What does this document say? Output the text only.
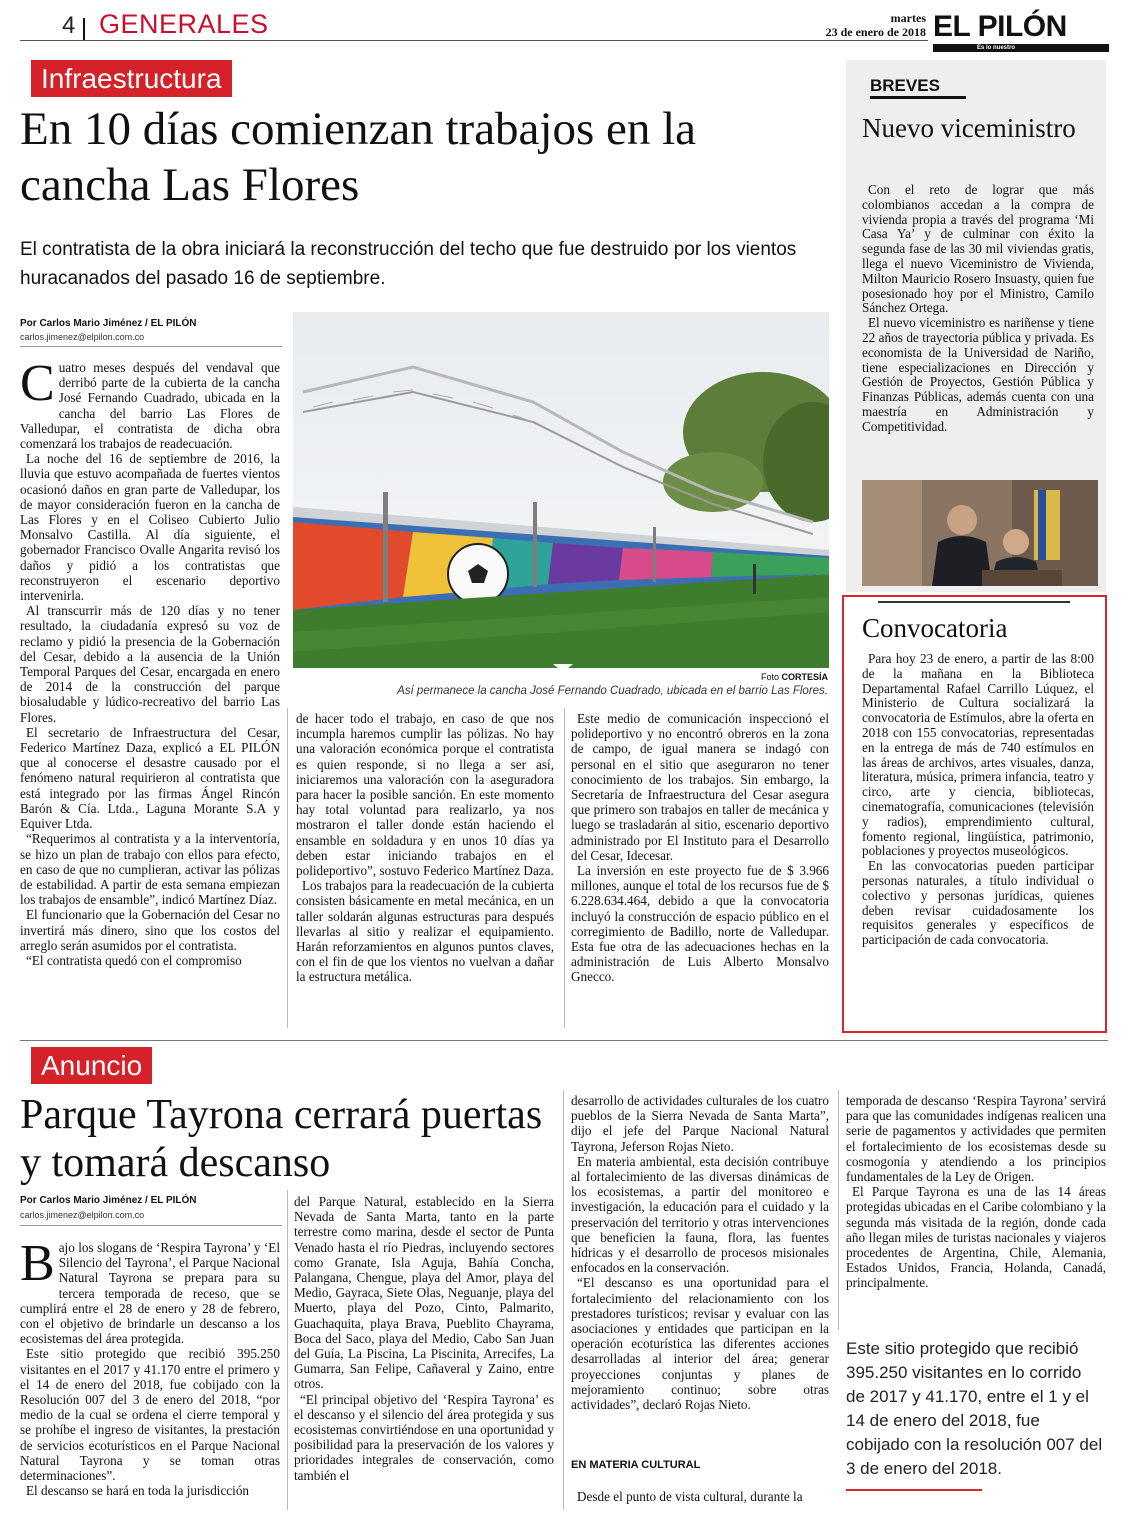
4 GENERALES	martes
23 de enero de 2018 EL PILÓN
Es lo nuestro
Infraestructura
En 10 días comienzan trabajos en la cancha Las Flores
El contratista de la obra iniciará la reconstrucción del techo que fue destruido por los vientos huracanados del pasado 16 de septiembre.
Por Carlos Mario Jiménez / EL PILÓN
carlos.jimenez@elpilon.com.co
C uatro meses después del vendaval que derribó parte de la cubierta de la cancha José Fernando Cuadrado, ubicada en la cancha del barrio Las Flores de Valledupar, el contratista de dicha obra comenzará los trabajos de readecuación.

La noche del 16 de septiembre de 2016, la lluvia que estuvo acompañada de fuertes vientos ocasionó daños en gran parte de Valledupar, los de mayor consideración fueron en la cancha de Las Flores y en el Coliseo Cubierto Julio Monsalvo Castilla. Al día siguiente, el gobernador Francisco Ovalle Angarita revisó los daños y pidió a los contratistas que reconstruyeron el escenario deportivo intervenirla.

Al transcurrir más de 120 días y no tener resultado, la ciudadanía expresó su voz de reclamo y pidió la presencia de la Gobernación del Cesar, debido a la ausencia de la Unión Temporal Parques del Cesar, encargada en enero de 2014 de la construcción del parque biosaludable y lúdico-recreativo del barrio Las Flores.

El secretario de Infraestructura del Cesar, Federico Martínez Daza, explicó a EL PILÓN que al conocerse el desastre causado por el fenómeno natural requirieron al contratista que está integrado por las firmas Ángel Rincón Barón & Cía. Ltda., Laguna Morante S.A y Equiver Ltda.

“Requerimos al contratista y a la interventoría, se hizo un plan de trabajo con ellos para efecto, en caso de que no cumplieran, activar las pólizas de estabilidad. A partir de esta semana empiezan los trabajos de ensamble”, indicó Martínez Díaz.

El funcionario que la Gobernación del Cesar no invertirá más dinero, sino que los costos del arreglo serán asumidos por el contratista.

“El contratista quedó con el compromiso

Foto CORTESÍA
Así permanece la cancha José Fernando Cuadrado, ubicada en el barrio Las Flores.

de hacer todo el trabajo, en caso de que nos incumpla haremos cumplir las pólizas. No hay una valoración económica porque el contratista es quien responde, si no llega a ser así, iniciaremos una valoración con la aseguradora para hacer la posible sanción. En este momento hay total voluntad para realizarlo, ya nos mostraron el taller donde están haciendo el ensamble en soldadura y en unos 10 días ya deben estar iniciando trabajos en el polideportivo”, sostuvo Federico Martínez Daza.

Los trabajos para la readecuación de la cubierta consisten básicamente en metal mecánica, en un taller soldarán algunas estructuras para después llevarlas al sitio y realizar el equipamiento. Harán reforzamientos en algunos puntos claves, con el fin de que los vientos no vuelvan a dañar la estructura metálica.

Este medio de comunicación inspeccionó el polideportivo y no encontró obreros en la zona de campo, de igual manera se indagó con personal en el sitio que aseguraron no tener conocimiento de los trabajos. Sin embargo, la Secretaría de Infraestructura del Cesar asegura que primero son trabajos en taller de mecánica y luego se trasladarán al sitio, escenario deportivo administrado por El Instituto para el Desarrollo del Cesar, Idecesar.

La inversión en este proyecto fue de $ 3.966 millones, aunque el total de los recursos fue de $ 6.228.634.464, debido a que la convocatoria incluyó la construcción de espacio público en el corregimiento de Badillo, norte de Valledupar. Esta fue otra de las adecuaciones hechas en la administración de Luis Alberto Monsalvo Gnecco.

BREVES
Nuevo viceministro

Con el reto de lograr que más colombianos accedan a la compra de vivienda propia a través del programa ‘Mi Casa Ya’ y de culminar con éxito la segunda fase de las 30 mil viviendas gratis, llega el nuevo Viceministro de Vivienda, Milton Mauricio Rosero Insuasty, quien fue posesionado hoy por el Ministro, Camilo Sánchez Ortega.

El nuevo viceministro es nariñense y tiene 22 años de trayectoria pública y privada. Es economista de la Universidad de Nariño, tiene especializaciones en Dirección y Gestión de Proyectos, Gestión Pública y Finanzas Públicas, además cuenta con una maestría en Administración y Competitividad.

Convocatoria

Para hoy 23 de enero, a partir de las 8:00 de la mañana en la Biblioteca Departamental Rafael Carrillo Lúquez, el Ministerio de Cultura socializará la convocatoria de Estímulos, abre la oferta en 2018 con 155 convocatorias, representadas en la entrega de más de 740 estímulos en las áreas de archivos, artes visuales, danza, literatura, música, primera infancia, teatro y circo, arte y ciencia, bibliotecas, cinematografía, comunicaciones (televisión y radios), emprendimiento cultural, fomento regional, lingüística, patrimonio, poblaciones y proyectos museológicos.

En las convocatorias pueden participar personas naturales, a título individual o colectivo y personas jurídicas, quienes deben revisar cuidadosamente los requisitos generales y específicos de participación de cada convocatoria.

Anuncio
Parque Tayrona cerrará puertas y tomará descanso
Por Carlos Mario Jiménez / EL PILÓN
carlos.jimenez@elpilon.com.co
B ajo los slogans de ‘Respira Tayrona’ y ‘El Silencio del Tayrona’, el Parque Nacional Natural Tayrona se prepara para su tercera temporada de receso, que se cumplirá entre el 28 de enero y 28 de febrero, con el objetivo de brindarle un descanso a los ecosistemas del área protegida.

Este sitio protegido que recibió 395.250 visitantes en el 2017 y 41.170 entre el primero y el 14 de enero del 2018, fue cobijado con la Resolución 007 del 3 de enero del 2018, “por medio de la cual se ordena el cierre temporal y se prohíbe el ingreso de visitantes, la prestación de servicios ecoturísticos en el Parque Nacional Natural Tayrona y se toman otras determinaciones”.

El descanso se hará en toda la jurisdicción

del Parque Natural, establecido en la Sierra Nevada de Santa Marta, tanto en la parte terrestre como marina, desde el sector de Punta Venado hasta el río Piedras, incluyendo sectores como Granate, Isla Aguja, Bahía Concha, Palangana, Chengue, playa del Amor, playa del Medio, Gayraca, Siete Olas, Neguanje, playa del Muerto, playa del Pozo, Cinto, Palmarito, Guachaquita, playa Brava, Pueblito Chayrama, Boca del Saco, playa del Medio, Cabo San Juan del Guía, La Piscina, La Piscinita, Arrecifes, La Gumarra, San Felipe, Cañaveral y Zaino, entre otros.

“El principal objetivo del ‘Respira Tayrona’ es el descanso y el silencio del área protegida y sus ecosistemas convirtiéndose en una oportunidad y posibilidad para la preservación de los valores y prioridades integrales de conservación, como también el

desarrollo de actividades culturales de los cuatro pueblos de la Sierra Nevada de Santa Marta”, dijo el jefe del Parque Nacional Natural Tayrona, Jeferson Rojas Nieto.

En materia ambiental, esta decisión contribuye al fortalecimiento de las diversas dinámicas de los ecosistemas, a partir del monitoreo e investigación, la educación para el cuidado y la preservación del territorio y otras intervenciones que beneficien la fauna, flora, las fuentes hídricas y el desarrollo de procesos misionales enfocados en la conservación.

“El descanso es una oportunidad para el fortalecimiento del relacionamiento con los prestadores turísticos; revisar y evaluar con las asociaciones y entidades que participan en la operación ecoturística las diferentes acciones desarrolladas al interior del área; generar proyecciones conjuntas y planes de mejoramiento continuo; sobre otras actividades”, declaró Rojas Nieto.

EN MATERIA CULTURAL

Desde el punto de vista cultural, durante la

temporada de descanso ‘Respira Tayrona’ servirá para que las comunidades indígenas realicen una serie de pagamentos y actividades que permiten el fortalecimiento de los ecosistemas desde su cosmogonía y atendiendo a los principios fundamentales de la Ley de Origen.

El Parque Tayrona es una de las 14 áreas protegidas ubicadas en el Caribe colombiano y la segunda más visitada de la región, donde cada año llegan miles de turistas nacionales y viajeros procedentes de Argentina, Chile, Alemania, Estados Unidos, Francia, Holanda, Canadá, principalmente.

Este sitio protegido que recibió 395.250 visitantes en lo corrido de 2017 y 41.170, entre el 1 y el 14 de enero del 2018, fue cobijado con la resolución 007 del 3 de enero del 2018.
